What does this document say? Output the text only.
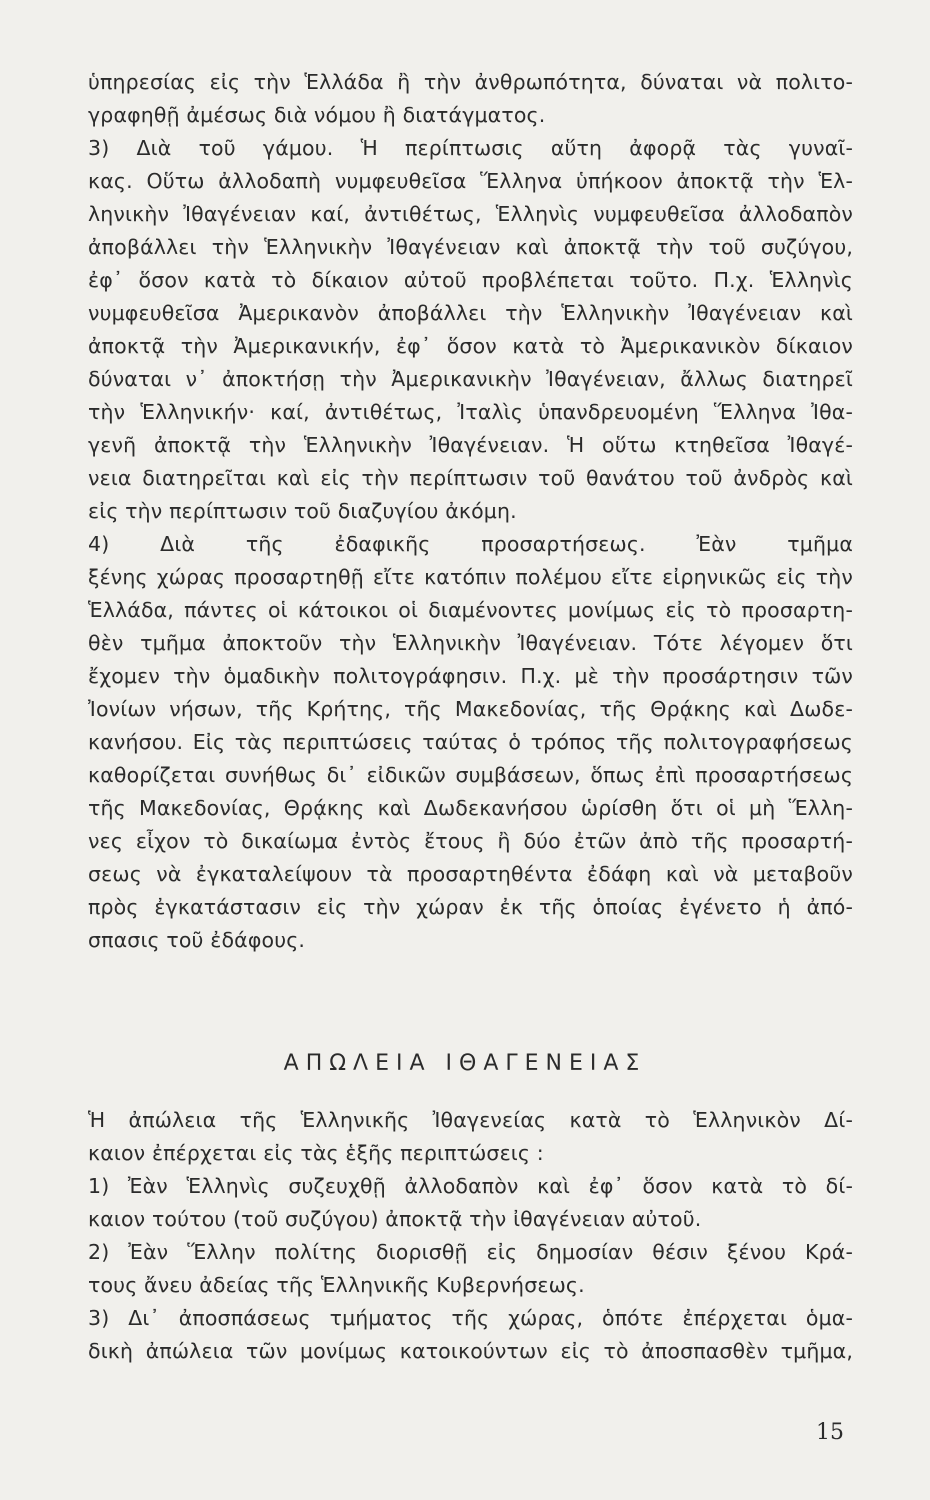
ὑπηρεσίας εἰς τὴν Ἑλλάδα ἢ τὴν ἀνθρωπότητα, δύναται νὰ πολιτο-
γραφηθῇ ἀμέσως διὰ νόμου ἢ διατάγματος.
3) Διὰ τοῦ γάμου. Ἡ περίπτωσις αὕτη ἀφορᾷ τὰς γυναῖ-
κας. Οὕτω ἀλλοδαπὴ νυμφευθεῖσα Ἕλληνα ὑπήκοον ἀποκτᾷ τὴν Ἑλ-
ληνικὴν Ἰθαγένειαν καί, ἀντιθέτως, Ἑλληνὶς νυμφευθεῖσα ἀλλοδαπὸν
ἀποβάλλει τὴν Ἑλληνικὴν Ἰθαγένειαν καὶ ἀποκτᾷ τὴν τοῦ συζύγου,
ἐφ᾽ ὅσον κατὰ τὸ δίκαιον αὐτοῦ προβλέπεται τοῦτο. Π.χ. Ἑλληνὶς
νυμφευθεῖσα Ἀμερικανὸν ἀποβάλλει τὴν Ἑλληνικὴν Ἰθαγένειαν καὶ
ἀποκτᾷ τὴν Ἀμερικανικήν, ἐφ᾽ ὅσον κατὰ τὸ Ἀμερικανικὸν δίκαιον
δύναται ν᾽ ἀποκτήσῃ τὴν Ἀμερικανικὴν Ἰθαγένειαν, ἄλλως διατηρεῖ
τὴν Ἑλληνικήν· καί, ἀντιθέτως, Ἰταλὶς ὑπανδρευομένη Ἕλληνα Ἰθα-
γενῆ ἀποκτᾷ τὴν Ἑλληνικὴν Ἰθαγένειαν. Ἡ οὕτω κτηθεῖσα Ἰθαγέ-
νεια διατηρεῖται καὶ εἰς τὴν περίπτωσιν τοῦ θανάτου τοῦ ἀνδρὸς καὶ
εἰς τὴν περίπτωσιν τοῦ διαζυγίου ἀκόμη.
4) Διὰ τῆς ἐδαφικῆς προσαρτήσεως. Ἐὰν τμῆμα
ξένης χώρας προσαρτηθῇ εἴτε κατόπιν πολέμου εἴτε εἰρηνικῶς εἰς τὴν
Ἑλλάδα, πάντες οἱ κάτοικοι οἱ διαμένοντες μονίμως εἰς τὸ προσαρτη-
θὲν τμῆμα ἀποκτοῦν τὴν Ἑλληνικὴν Ἰθαγένειαν. Τότε λέγομεν ὅτι
ἔχομεν τὴν ὁμαδικὴν πολιτογράφησιν. Π.χ. μὲ τὴν προσάρτησιν τῶν
Ἰονίων νήσων, τῆς Κρήτης, τῆς Μακεδονίας, τῆς Θρᾴκης καὶ Δωδε-
κανήσου. Εἰς τὰς περιπτώσεις ταύτας ὁ τρόπος τῆς πολιτογραφήσεως
καθορίζεται συνήθως δι᾽ εἰδικῶν συμβάσεων, ὅπως ἐπὶ προσαρτήσεως
τῆς Μακεδονίας, Θρᾴκης καὶ Δωδεκανήσου ὡρίσθη ὅτι οἱ μὴ Ἕλλη-
νες εἶχον τὸ δικαίωμα ἐντὸς ἔτους ἢ δύο ἐτῶν ἀπὸ τῆς προσαρτή-
σεως νὰ ἐγκαταλείψουν τὰ προσαρτηθέντα ἐδάφη καὶ νὰ μεταβοῦν
πρὸς ἐγκατάστασιν εἰς τὴν χώραν ἐκ τῆς ὁποίας ἐγένετο ἡ ἀπό-
σπασις τοῦ ἐδάφους.
ΑΠΩΛΕΙΑ ΙΘΑΓΕΝΕΙΑΣ
Ἡ ἀπώλεια τῆς Ἑλληνικῆς Ἰθαγενείας κατὰ τὸ Ἑλληνικὸν Δί-
καιον ἐπέρχεται εἰς τὰς ἑξῆς περιπτώσεις :
1) Ἐὰν Ἑλληνὶς συζευχθῇ ἀλλοδαπὸν καὶ ἐφ᾽ ὅσον κατὰ τὸ δί-
καιον τούτου (τοῦ συζύγου) ἀποκτᾷ τὴν ἰθαγένειαν αὐτοῦ.
2) Ἐὰν Ἕλλην πολίτης διορισθῇ εἰς δημοσίαν θέσιν ξένου Κρά-
τους ἄνευ ἀδείας τῆς Ἑλληνικῆς Κυβερνήσεως.
3) Δι᾽ ἀποσπάσεως τμήματος τῆς χώρας, ὁπότε ἐπέρχεται ὁμα-
δικὴ ἀπώλεια τῶν μονίμως κατοικούντων εἰς τὸ ἀποσπασθὲν τμῆμα,
15
